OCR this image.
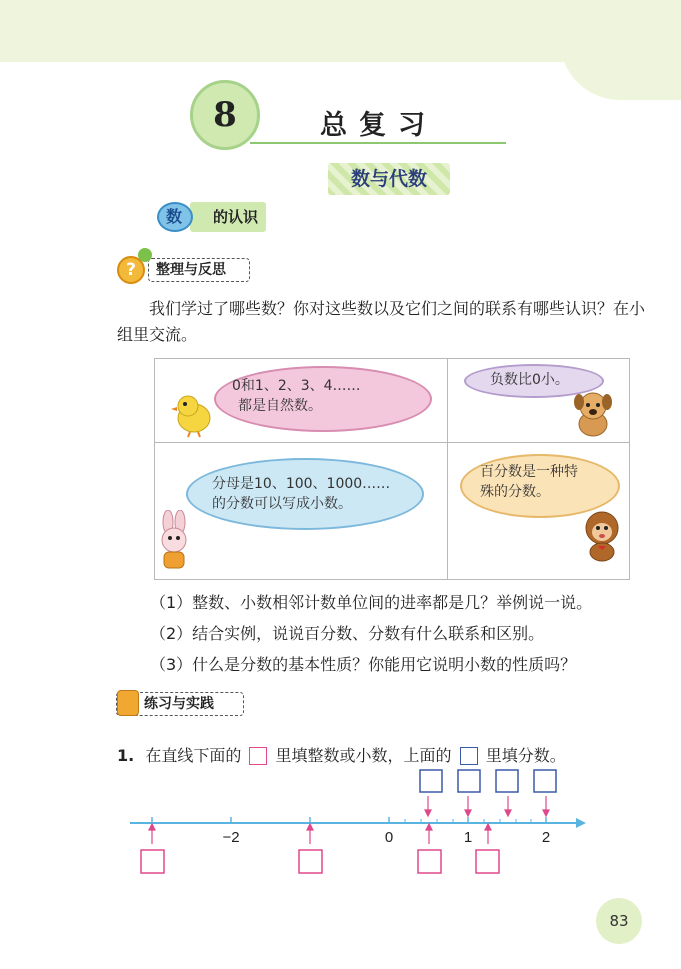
8	总复习
数与代数
的认识
数
?	整理与反思
我们学过了哪些数？你对这些数以及它们之间的联系有哪些认识？在小组里交流。
0和1、2、3、4……
都是自然数。
负数比0小。
分母是10、100、1000……
的分数可以写成小数。
百分数是一种特
殊的分数。
（1）整数、小数相邻计数单位间的进率都是几？举例说一说。
（2）结合实例，说说百分数、分数有什么联系和区别。
（3）什么是分数的基本性质？你能用它说明小数的性质吗？
练习与实践
1. 在直线下面的 里填整数或小数，上面的 里填分数。
−2	0	1	2
83
